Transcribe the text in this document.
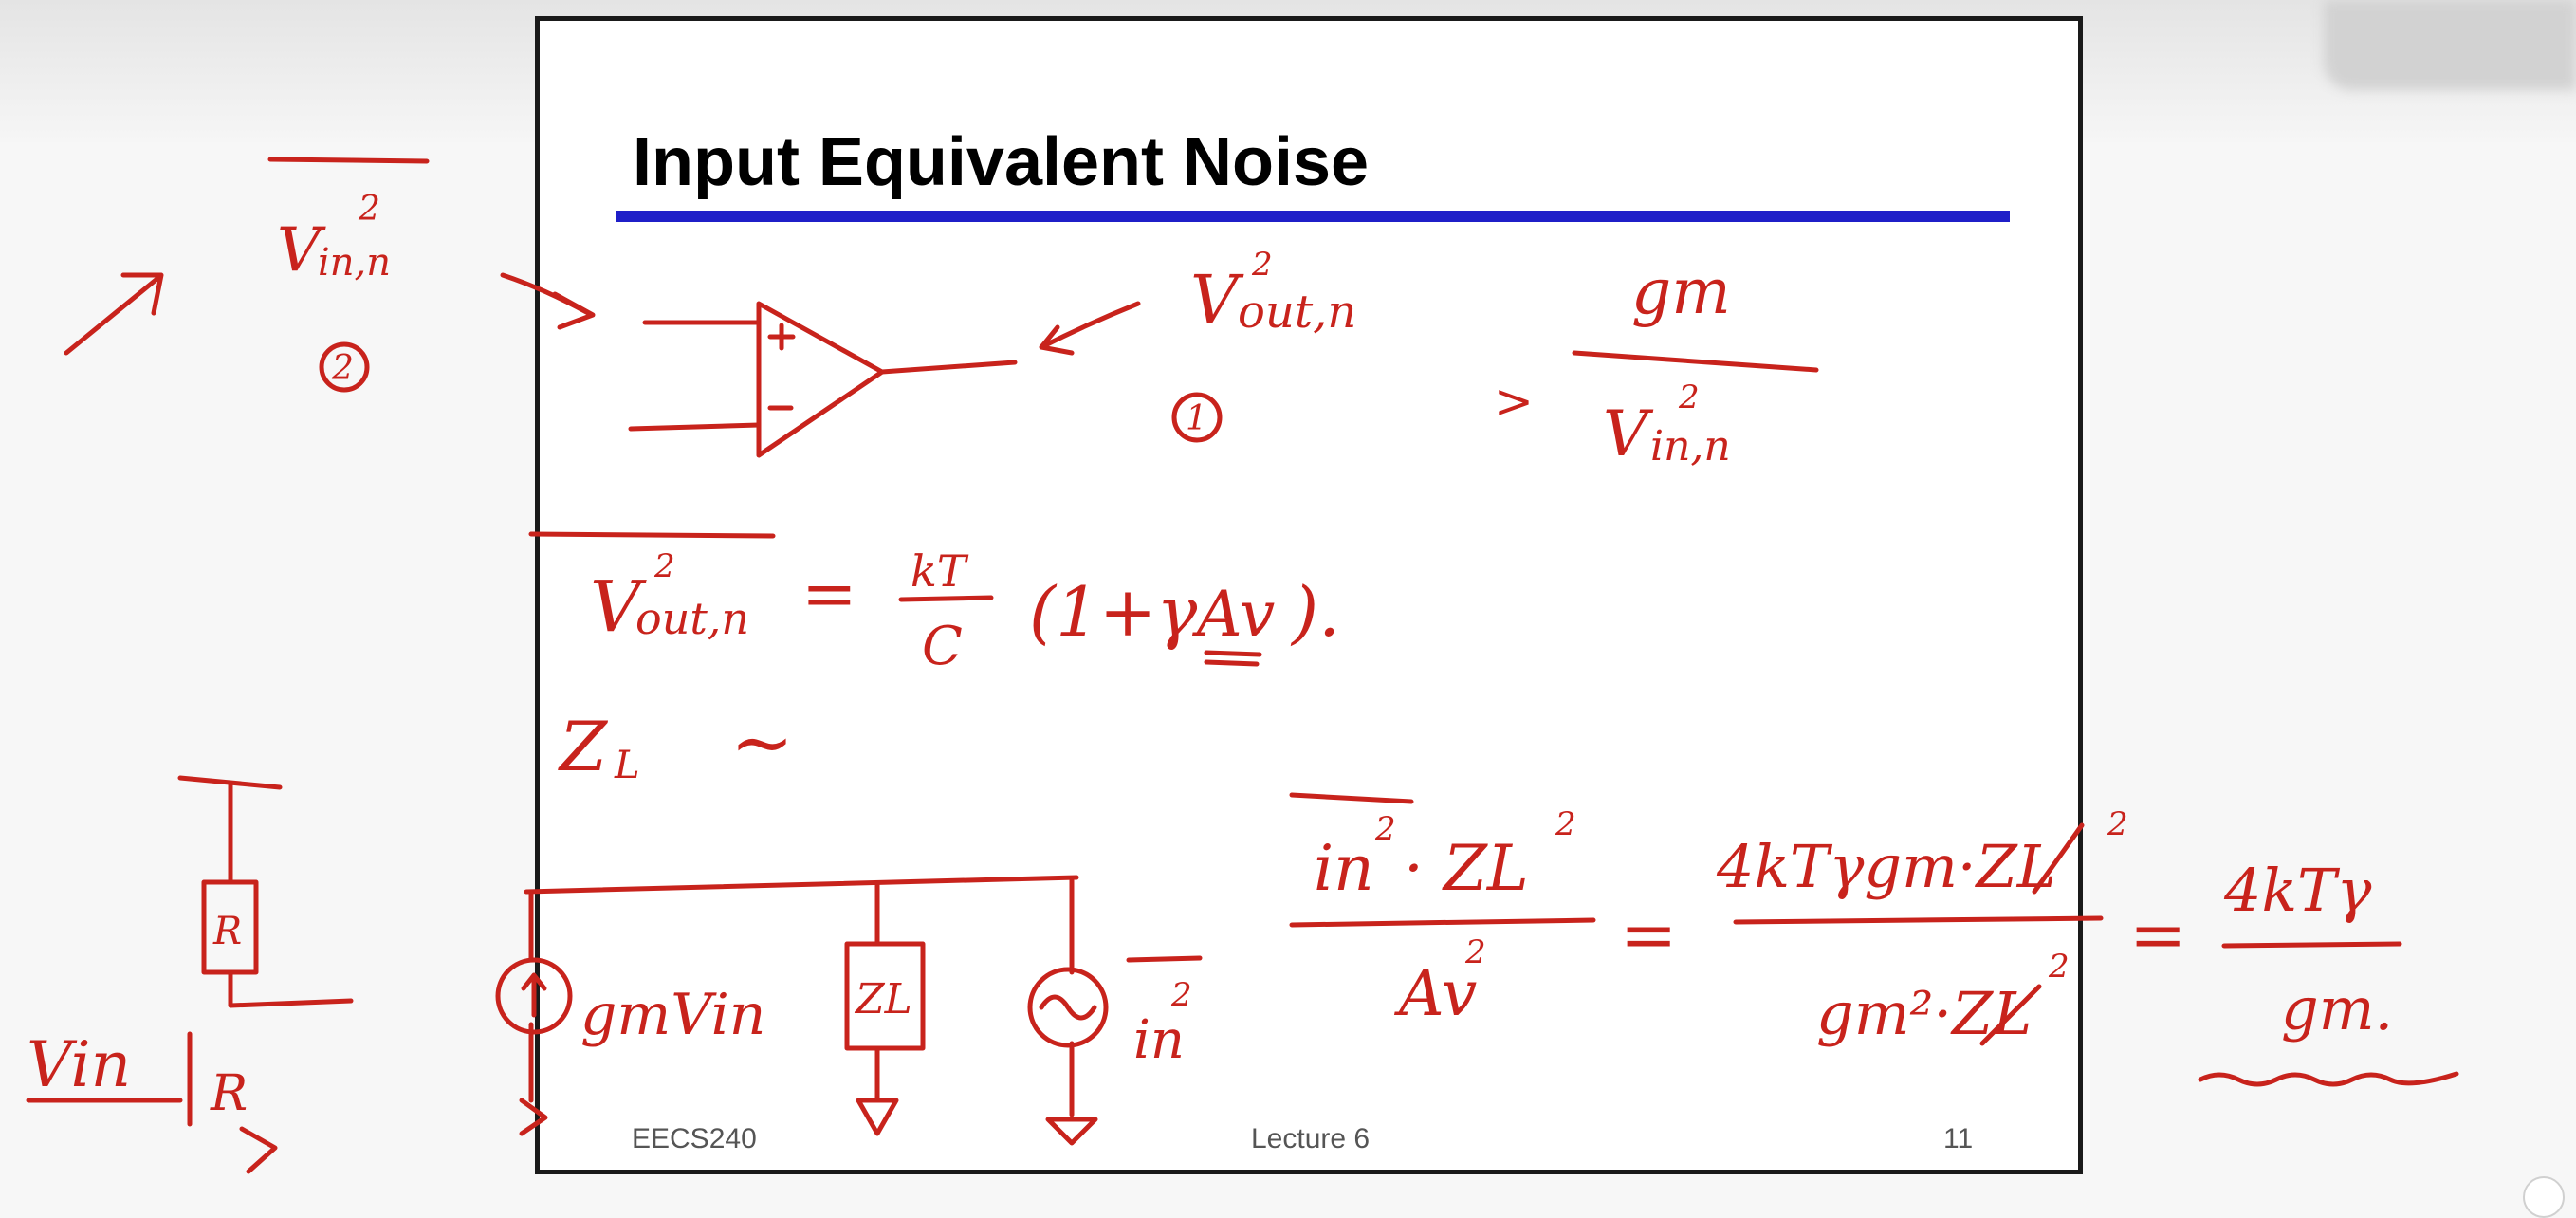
Input Equivalent Noise
EECS240	Lecture 6	11
V
in,n
2
2
V out,n
2
1	>
gm
V in,n
2
V
out,n
2 = kT
C (1+γ Av ).
Z L ~
gmVin ZL
in
2
R
Vin R
in
2
· ZL
2
Av
2 =
4kTγgm·ZL
2
gm²·ZL
2 =
4kTγ
gm.
